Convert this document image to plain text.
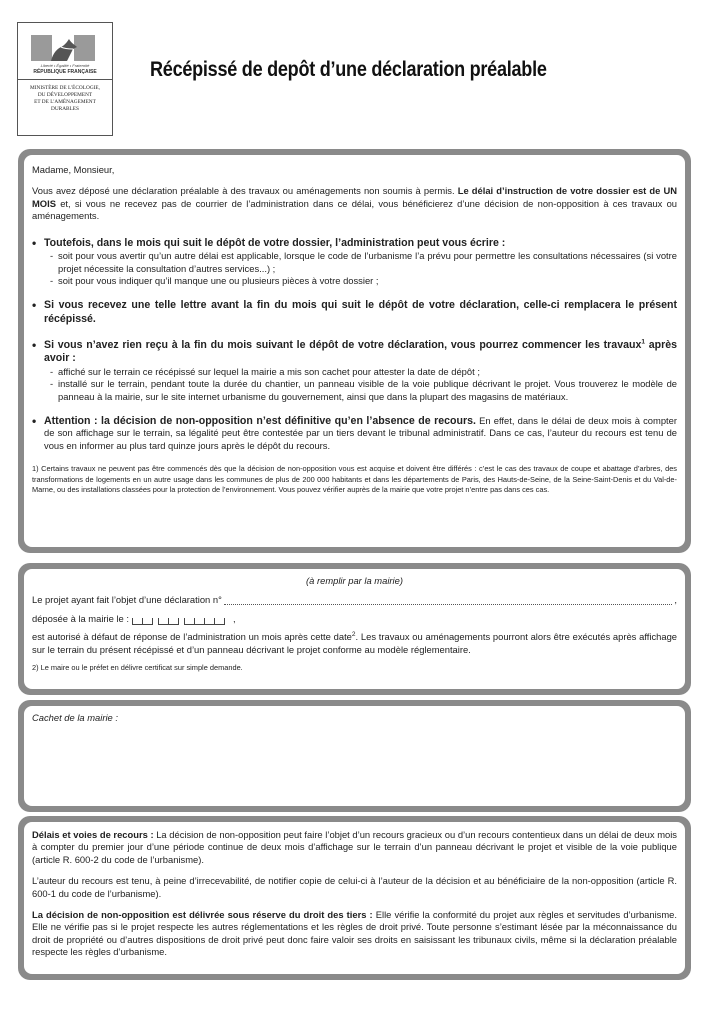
Liberté • Égalité • Fraternité
RÉPUBLIQUE FRANÇAISE
MINISTÈRE DE L'ÉCOLOGIE,
DU DÉVELOPPEMENT
ET DE L'AMÉNAGEMENT
DURABLES
Récépissé de depôt d’une déclaration préalable

Madame, Monsieur,

Vous avez déposé une déclaration préalable à des travaux ou aménagements non soumis à permis. Le délai d’instruction de votre dossier est de UN MOIS et, si vous ne recevez pas de courrier de l’administration dans ce délai, vous bénéficierez d’une décision de non-opposition à ces travaux ou aménagements.

• Toutefois, dans le mois qui suit le dépôt de votre dossier, l’administration peut vous écrire :
- soit pour vous avertir qu’un autre délai est applicable, lorsque le code de l’urbanisme l’a prévu pour permettre les consultations nécessaires (si votre projet nécessite la consultation d’autres services...) ;
- soit pour vous indiquer qu’il manque une ou plusieurs pièces à votre dossier ;
• Si vous recevez une telle lettre avant la fin du mois qui suit le dépôt de votre déclaration, celle-ci remplacera le présent récépissé.
• Si vous n’avez rien reçu à la fin du mois suivant le dépôt de votre déclaration, vous pourrez commencer les travaux$^1$ après avoir :
- affiché sur le terrain ce récépissé sur lequel la mairie a mis son cachet pour attester la date de dépôt ;
- installé sur le terrain, pendant toute la durée du chantier, un panneau visible de la voie publique décrivant le projet. Vous trouverez le modèle de panneau à la mairie, sur le site internet urbanisme du gouvernement, ainsi que dans la plupart des magasins de matériaux.
• Attention : la décision de non-opposition n’est définitive qu’en l’absence de recours. En effet, dans le délai de deux mois à compter de son affichage sur le terrain, sa légalité peut être contestée par un tiers devant le tribunal administratif. Dans ce cas, l’auteur du recours est tenu de vous en informer au plus tard quinze jours après le dépôt du recours.

1) Certains travaux ne peuvent pas être commencés dès que la décision de non-opposition vous est acquise et doivent être différés : c’est le cas des travaux de coupe et abattage d’arbres, des transformations de logements en un autre usage dans les communes de plus de 200 000 habitants et dans les départements de Paris, des Hauts-de-Seine, de la Seine-Saint-Denis et du Val-de-Marne, ou des installations classées pour la protection de l’environnement. Vous pouvez vérifier auprès de la mairie que votre projet n’entre pas dans ces cas.

(à remplir par la mairie)

Le projet ayant fait l’objet d’une déclaration n°	,
déposée à la mairie le :	,

est autorisé à défaut de réponse de l’administration un mois après cette date$^2$. Les travaux ou aménagements pourront alors être exécutés après affichage sur le terrain du présent récépissé et d’un panneau décrivant le projet conforme au modèle réglementaire.

2) Le maire ou le préfet en délivre certificat sur simple demande.

Cachet de la mairie :

Délais et voies de recours : La décision de non-opposition peut faire l’objet d’un recours gracieux ou d’un recours contentieux dans un délai de deux mois à compter du premier jour d’une période continue de deux mois d’affichage sur le terrain d’un panneau décrivant le projet et visible de la voie publique (article R. 600-2 du code de l’urbanisme).

L’auteur du recours est tenu, à peine d’irrecevabilité, de notifier copie de celui-ci à l’auteur de la décision et au bénéficiaire de la non-opposition (article R. 600-1 du code de l’urbanisme).

La décision de non-opposition est délivrée sous réserve du droit des tiers : Elle vérifie la conformité du projet aux règles et servitudes d’urbanisme. Elle ne vérifie pas si le projet respecte les autres réglementations et les règles de droit privé. Toute personne s’estimant lésée par la méconnaissance du droit de propriété ou d’autres dispositions de droit privé peut donc faire valoir ses droits en saisissant les tribunaux civils, même si la déclaration préalable respecte les règles d’urbanisme.
